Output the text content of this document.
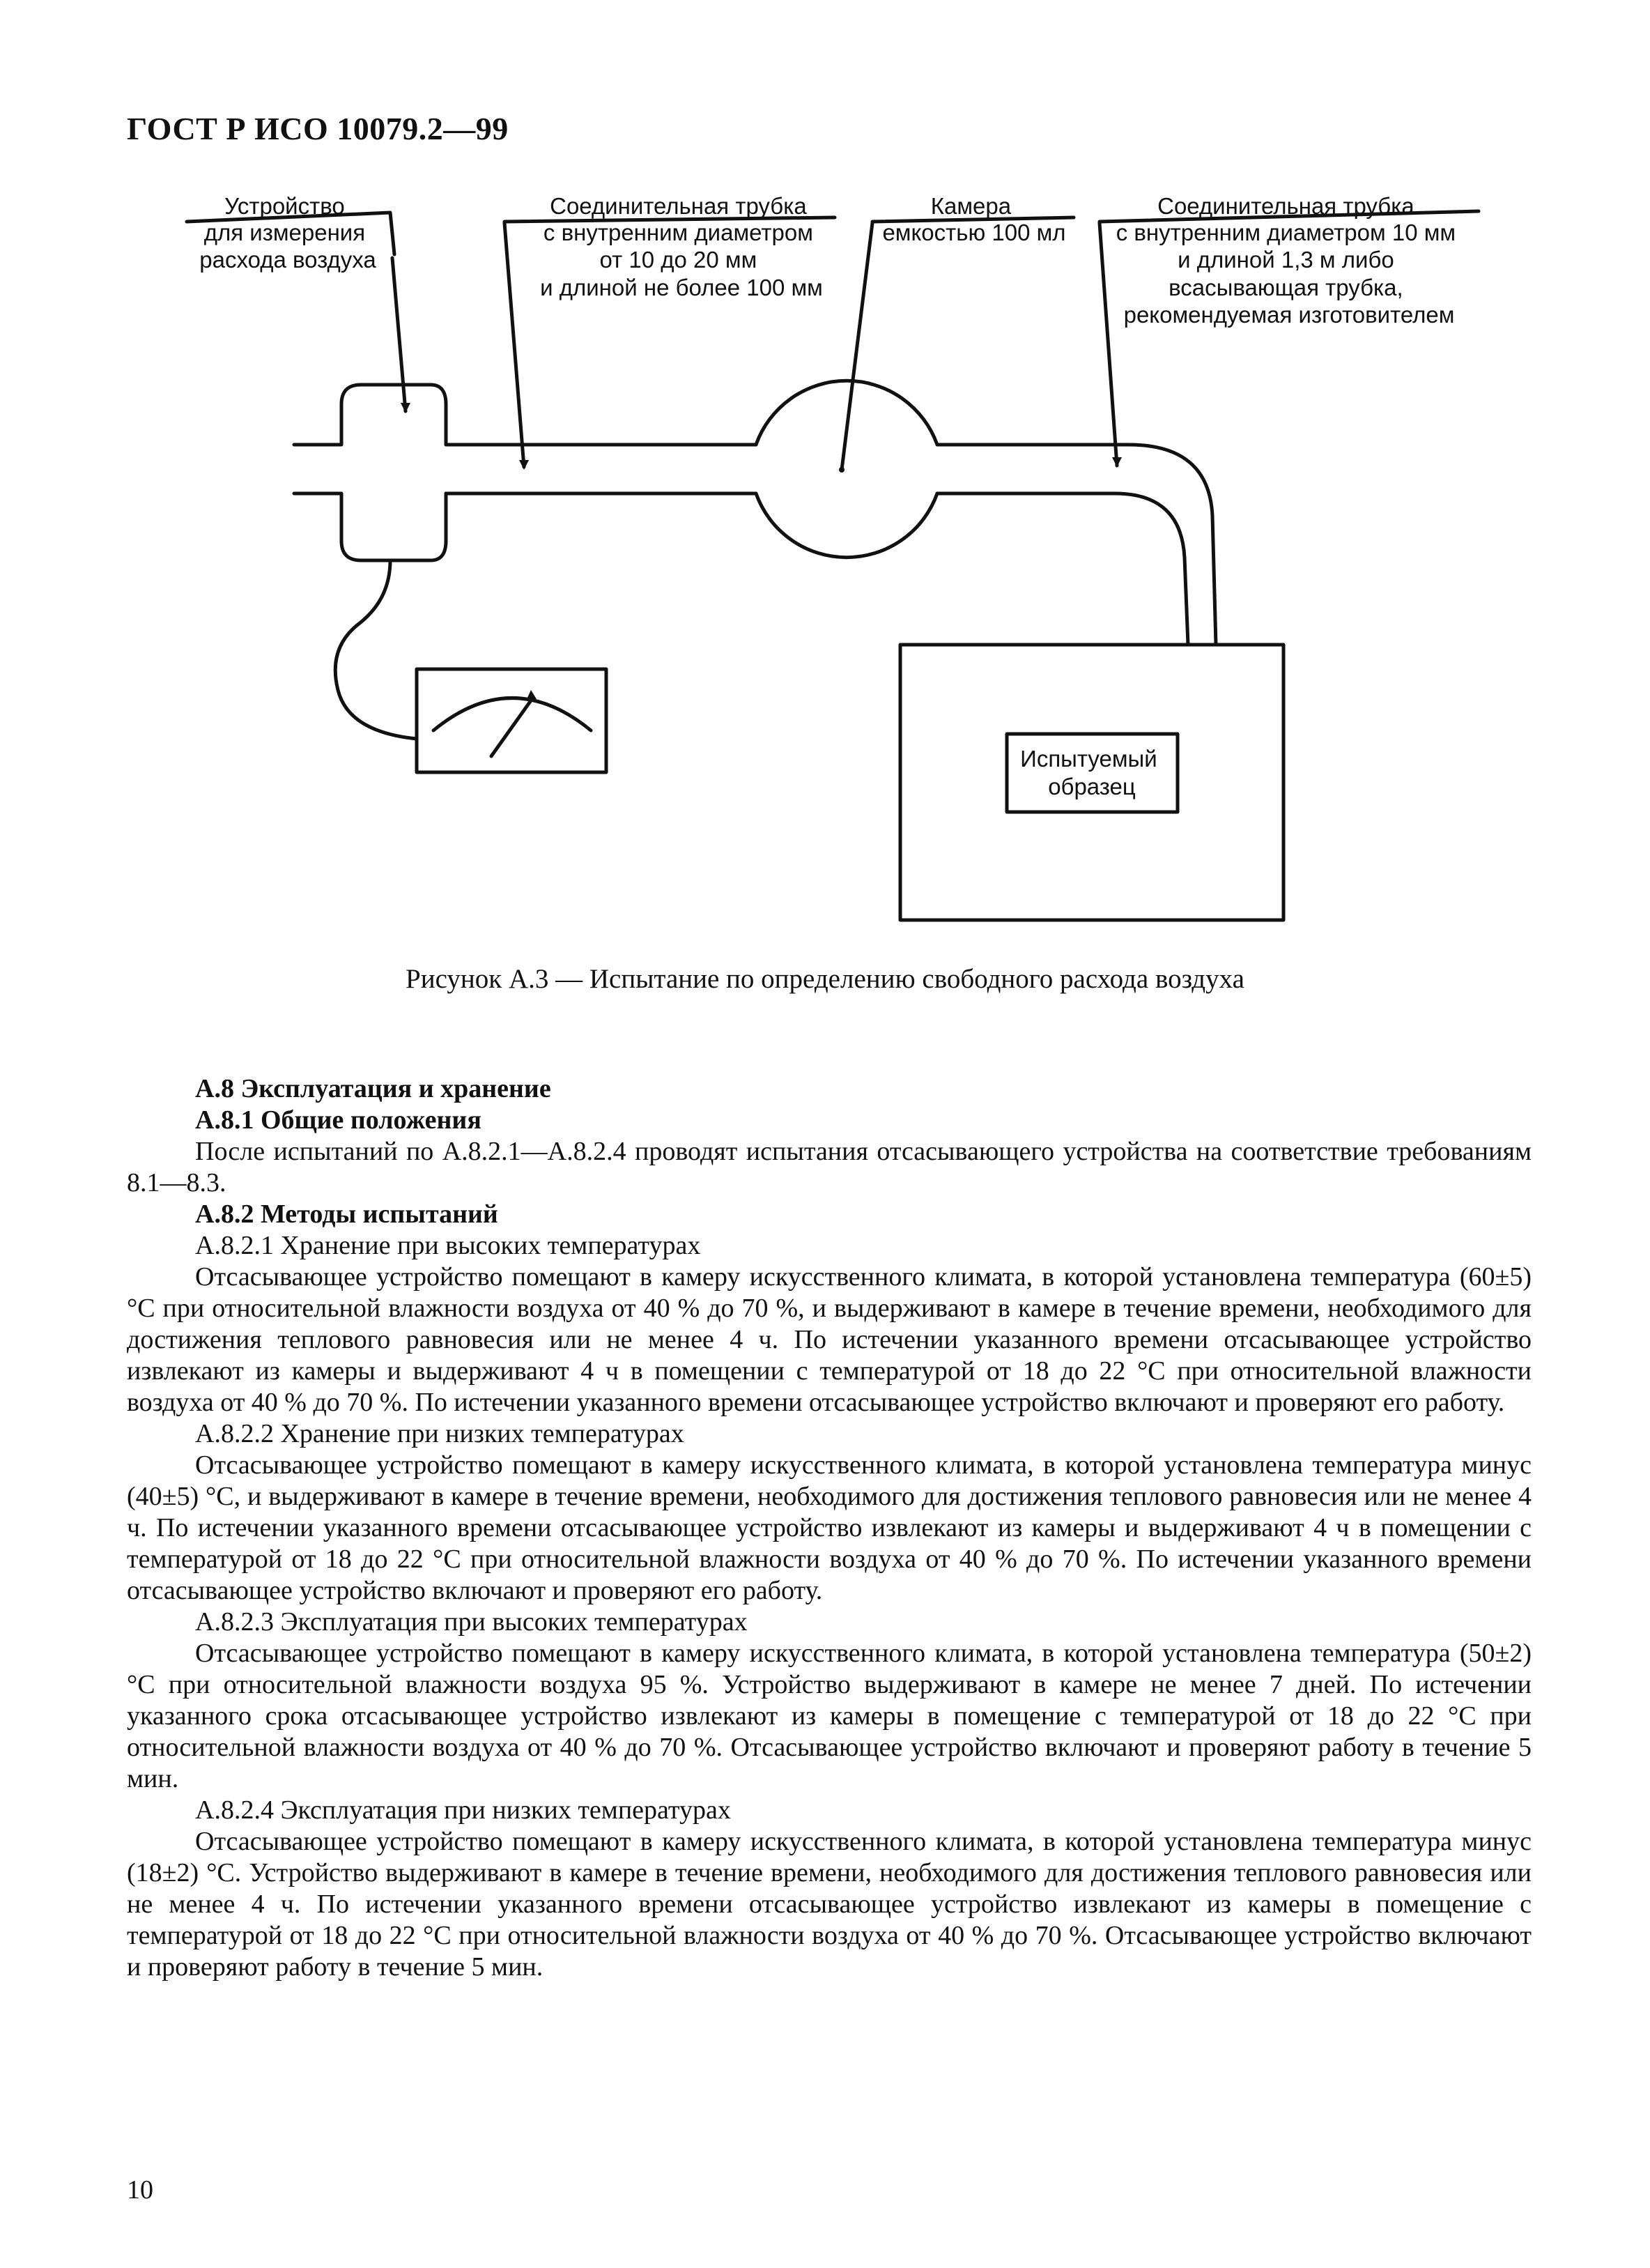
ГОСТ Р ИСО 10079.2—99
Устройство для измерения расхода воздуха
Соединительная трубка с внутренним диаметром от 10 до 20 мм и длиной не более 100 мм
Камера емкостью 100 мл
Соединительная трубка с внутренним диаметром 10 мм и длиной 1,3 м либо всасывающая трубка, рекомендуемая изготовителем
Испытуемый образец
Рисунок А.3 — Испытание по определению свободного расхода воздуха

А.8 Эксплуатация и хранение

А.8.1 Общие положения

После испытаний по А.8.2.1—А.8.2.4 проводят испытания отсасывающего устройства на соответствие требованиям 8.1—8.3.

А.8.2 Методы испытаний

А.8.2.1 Хранение при высоких температурах

Отсасывающее устройство помещают в камеру искусственного климата, в которой установлена температура (60±5) °С при относительной влажности воздуха от 40 % до 70 %, и выдерживают в камере в течение времени, необходимого для достижения теплового равновесия или не менее 4 ч. По истечении указанного времени отсасывающее устройство извлекают из камеры и выдерживают 4 ч в помещении с температурой от 18 до 22 °С при относительной влажности воздуха от 40 % до 70 %. По истечении указанного времени отсасывающее устройство включают и проверяют его работу.

А.8.2.2 Хранение при низких температурах

Отсасывающее устройство помещают в камеру искусственного климата, в которой установлена температура минус (40±5) °С, и выдерживают в камере в течение времени, необходимого для достижения теплового равновесия или не менее 4 ч. По истечении указанного времени отсасывающее устройство извлекают из камеры и выдерживают 4 ч в помещении с температурой от 18 до 22 °С при относительной влажности воздуха от 40 % до 70 %. По истечении указанного времени отсасывающее устройство включают и проверяют его работу.

А.8.2.3 Эксплуатация при высоких температурах

Отсасывающее устройство помещают в камеру искусственного климата, в которой установлена температура (50±2) °С при относительной влажности воздуха 95 %. Устройство выдерживают в камере не менее 7 дней. По истечении указанного срока отсасывающее устройство извлекают из камеры в помещение с температурой от 18 до 22 °С при относительной влажности воздуха от 40 % до 70 %. Отсасывающее устройство включают и проверяют работу в течение 5 мин.

А.8.2.4 Эксплуатация при низких температурах

Отсасывающее устройство помещают в камеру искусственного климата, в которой установлена температура минус (18±2) °С. Устройство выдерживают в камере в течение времени, необходимого для достижения теплового равновесия или не менее 4 ч. По истечении указанного времени отсасывающее устройство извлекают из камеры в помещение с температурой от 18 до 22 °С при относительной влажности воздуха от 40 % до 70 %. Отсасывающее устройство включают и проверяют работу в течение 5 мин.

10
